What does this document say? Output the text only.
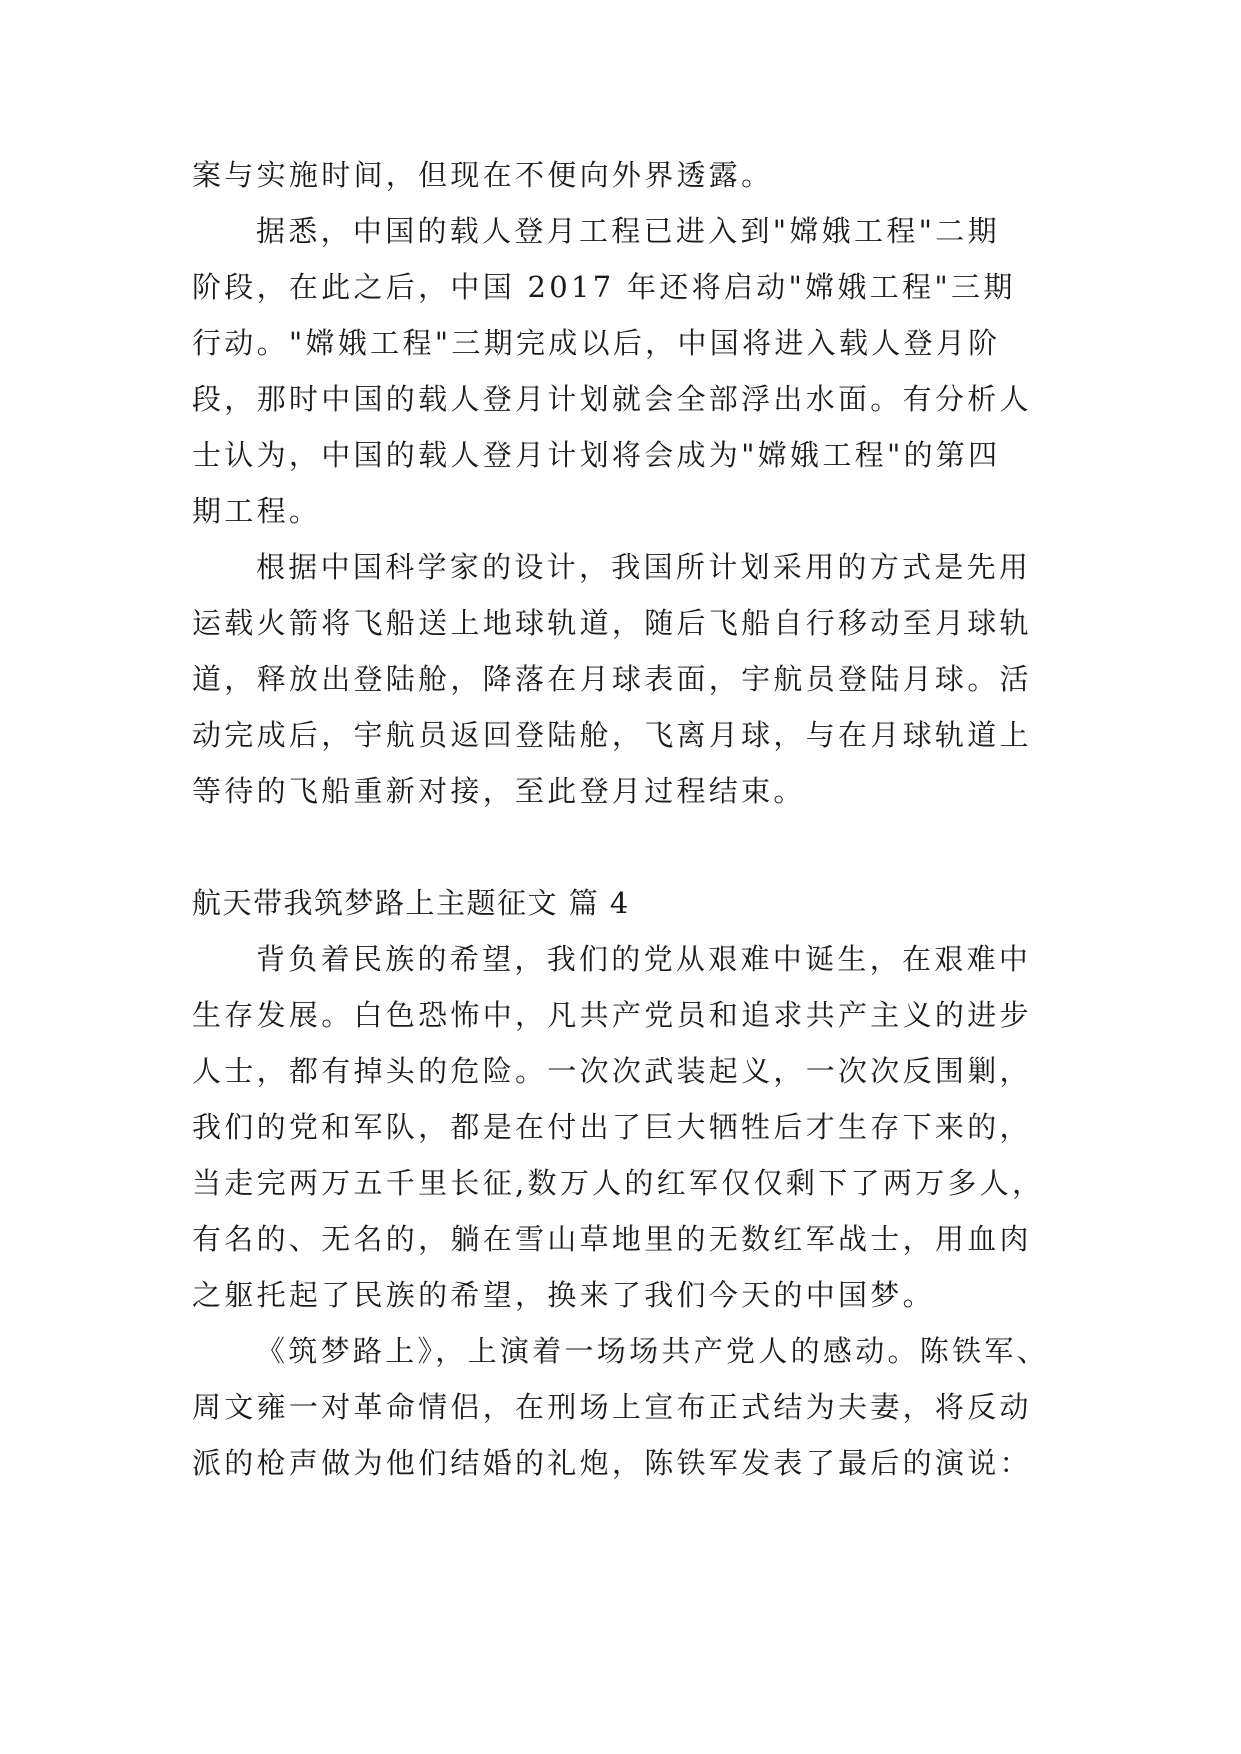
案与实施时间，但现在不便向外界透露。
据悉，中国的载人登月工程已进入到"嫦娥工程"二期
阶段，在此之后，中国 2017 年还将启动"嫦娥工程"三期
行动。"嫦娥工程"三期完成以后，中国将进入载人登月阶
段，那时中国的载人登月计划就会全部浮出水面。有分析人
士认为，中国的载人登月计划将会成为"嫦娥工程"的第四
期工程。
根据中国科学家的设计，我国所计划采用的方式是先用
运载火箭将飞船送上地球轨道，随后飞船自行移动至月球轨
道，释放出登陆舱，降落在月球表面，宇航员登陆月球。活
动完成后，宇航员返回登陆舱，飞离月球，与在月球轨道上
等待的飞船重新对接，至此登月过程结束。
航天带我筑梦路上主题征文 篇 4
背负着民族的希望，我们的党从艰难中诞生，在艰难中
生存发展。白色恐怖中，凡共产党员和追求共产主义的进步
人士，都有掉头的危险。一次次武装起义，一次次反围剿，
我们的党和军队，都是在付出了巨大牺牲后才生存下来的，
当走完两万五千里长征,数万人的红军仅仅剩下了两万多人，
有名的、无名的，躺在雪山草地里的无数红军战士，用血肉
之躯托起了民族的希望，换来了我们今天的中国梦。
《筑梦路上》，上演着一场场共产党人的感动。陈铁军、
周文雍一对革命情侣，在刑场上宣布正式结为夫妻，将反动
派的枪声做为他们结婚的礼炮，陈铁军发表了最后的演说：
